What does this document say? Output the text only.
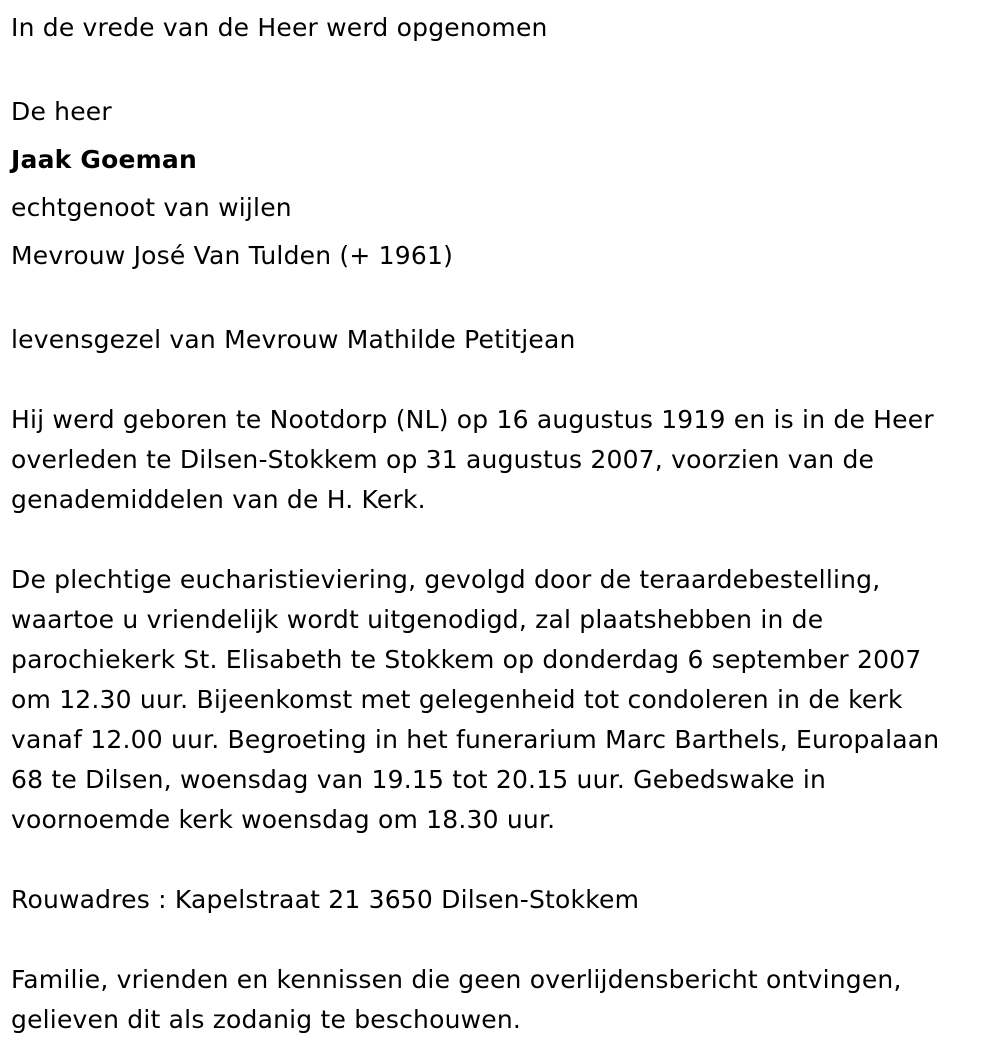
In de vrede van de Heer werd opgenomen
De heer
Jaak Goeman
echtgenoot van wijlen
Mevrouw José Van Tulden (+ 1961)
levensgezel van Mevrouw Mathilde Petitjean
Hij werd geboren te Nootdorp (NL) op 16 augustus 1919 en is in de Heer
overleden te Dilsen-Stokkem op 31 augustus 2007, voorzien van de
genademiddelen van de H. Kerk.
De plechtige eucharistieviering, gevolgd door de teraardebestelling,
waartoe u vriendelijk wordt uitgenodigd, zal plaatshebben in de
parochiekerk St. Elisabeth te Stokkem op donderdag 6 september 2007
om 12.30 uur. Bijeenkomst met gelegenheid tot condoleren in de kerk
vanaf 12.00 uur. Begroeting in het funerarium Marc Barthels, Europalaan
68 te Dilsen, woensdag van 19.15 tot 20.15 uur. Gebedswake in
voornoemde kerk woensdag om 18.30 uur.
Rouwadres : Kapelstraat 21 3650 Dilsen-Stokkem
Familie, vrienden en kennissen die geen overlijdensbericht ontvingen,
gelieven dit als zodanig te beschouwen.
